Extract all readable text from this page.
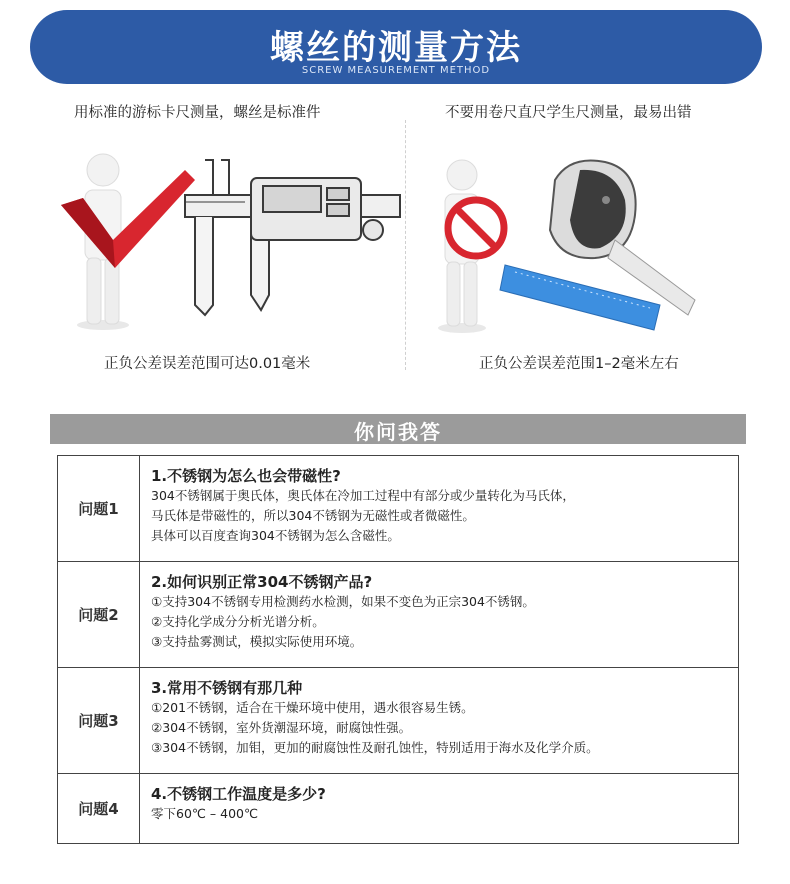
螺丝的测量方法
SCREW MEASUREMENT METHOD
用标准的游标卡尺测量，螺丝是标准件	不要用卷尺直尺学生尺测量，最易出错
正负公差误差范围可达0.01毫米	正负公差误差范围1–2毫米左右
你问我答
问题1	1.不锈钢为怎么也会带磁性?
304不锈钢属于奥氏体，奥氏体在冷加工过程中有部分或少量转化为马氏体，
马氏体是带磁性的，所以304不锈钢为无磁性或者微磁性。
具体可以百度查询304不锈钢为怎么含磁性。

问题2	2.如何识别正常304不锈钢产品?
①支持304不锈钢专用检测药水检测，如果不变色为正宗304不锈钢。
②支持化学成分分析光谱分析。
③支持盐雾测试，模拟实际使用环境。

问题3	3.常用不锈钢有那几种
①201不锈钢，适合在干燥环境中使用，遇水很容易生锈。
②304不锈钢，室外货潮湿环境，耐腐蚀性强。
③304不锈钢，加钼，更加的耐腐蚀性及耐孔蚀性，特别适用于海水及化学介质。

问题4	4.不锈钢工作温度是多少?
零下60℃ – 400℃
